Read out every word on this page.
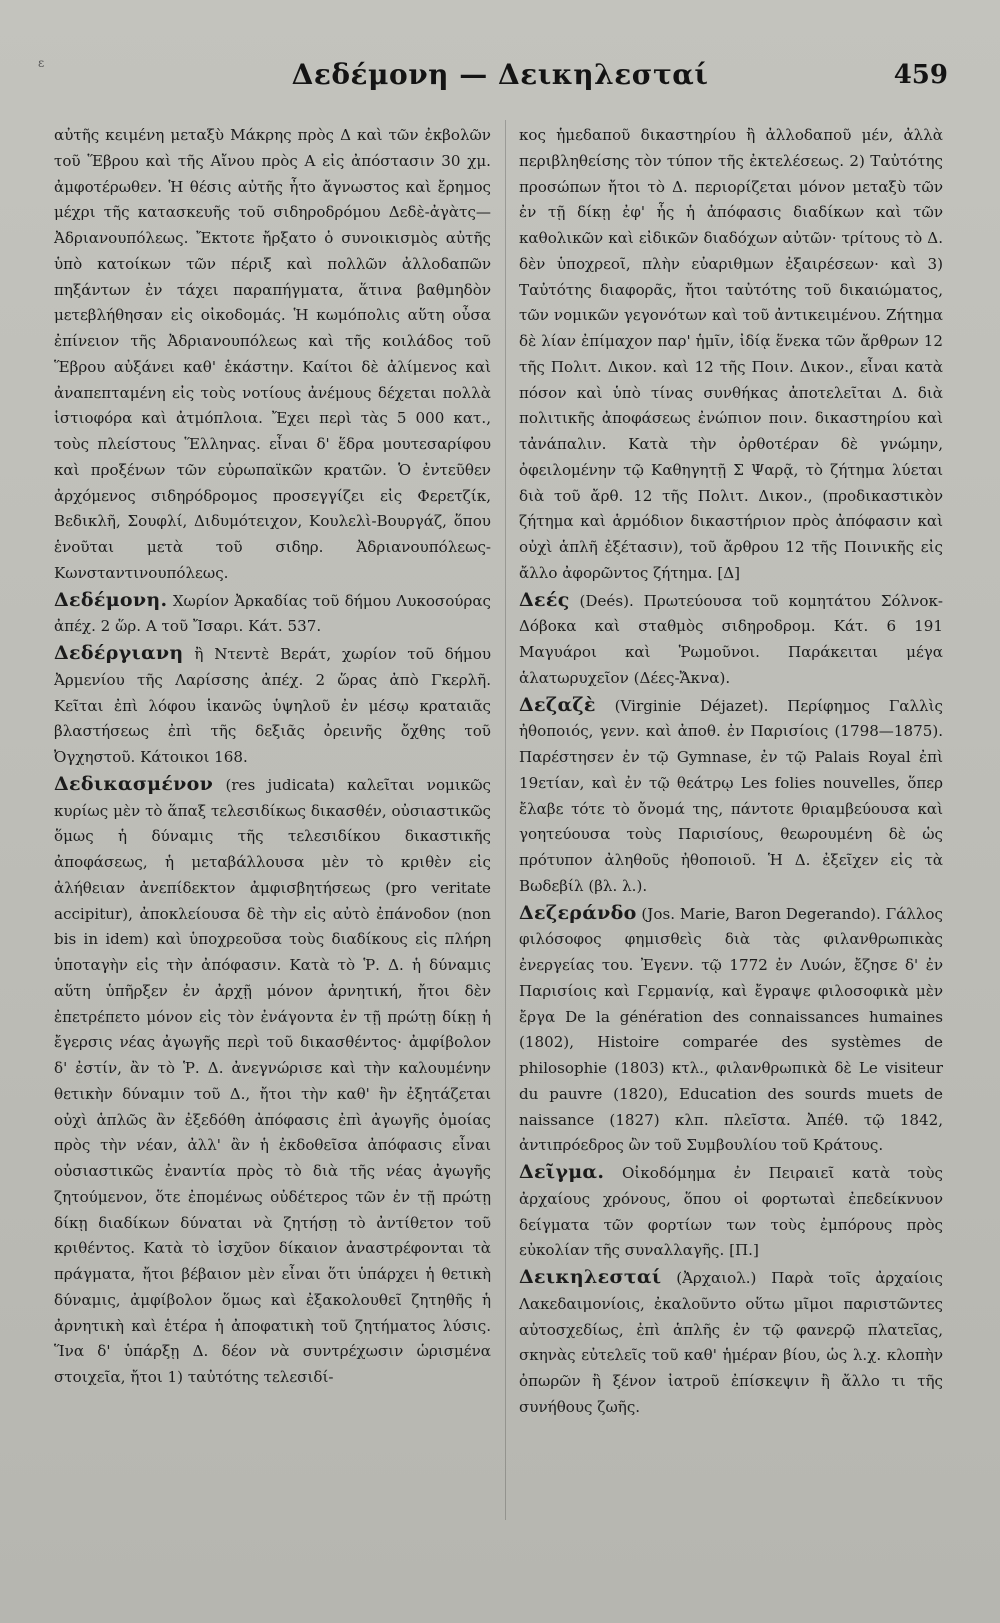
ε	Δεδέμονη — Δεικηλεσταί	459

αὐτῆς κειμένη μεταξὺ Μάκρης πρὸς Δ καὶ τῶν ἐκβολῶν τοῦ Ἕβρου καὶ τῆς Αἴνου πρὸς Α εἰς ἀπόστασιν 30 χμ. ἀμφοτέρωθεν. Ἡ θέσις αὐτῆς ἦτο ἄγνωστος καὶ ἔρημος μέχρι τῆς κατασκευῆς τοῦ σιδηροδρόμου Δεδὲ-ἀγὰτς—Ἀδριανουπόλεως. Ἔκτοτε ἤρξατο ὁ συνοικισμὸς αὐτῆς ὑπὸ κατοίκων τῶν πέριξ καὶ πολλῶν ἀλλοδαπῶν πηξάντων ἐν τάχει παραπήγματα, ἅτινα βαθμηδὸν μετεβλήθησαν εἰς οἰκοδομάς. Ἡ κωμόπολις αὕτη οὖσα ἐπίνειον τῆς Ἀδριανουπόλεως καὶ τῆς κοιλάδος τοῦ Ἕβρου αὐξάνει καθ' ἑκάστην. Καίτοι δὲ ἀλίμενος καὶ ἀναπεπταμένη εἰς τοὺς νοτίους ἀνέμους δέχεται πολλὰ ἱστιοφόρα καὶ ἀτμόπλοια. Ἔχει περὶ τὰς 5 000 κατ., τοὺς πλείστους Ἕλληνας. εἶναι δ' ἕδρα μουτεσαρίφου καὶ προξένων τῶν εὐρωπαϊκῶν κρατῶν. Ὁ ἐντεῦθεν ἀρχόμενος σιδηρόδρομος προσεγγίζει εἰς Φερετζίκ, Βεδικλῆ, Σουφλί, Διδυμότειχον, Κουλελὶ-Βουργάζ, ὅπου ἑνοῦται μετὰ τοῦ σιδηρ. Ἀδριανουπόλεως-Κωνσταντινουπόλεως.

Δεδέμονη. Χωρίον Ἀρκαδίας τοῦ δήμου Λυκοσούρας ἀπέχ. 2 ὥρ. Α τοῦ Ἴσαρι. Κάτ. 537.

Δεδέργιανη ἢ Ντεντὲ Βεράτ, χωρίον τοῦ δήμου Ἀρμενίου τῆς Λαρίσσης ἀπέχ. 2 ὥρας ἀπὸ Γκερλῆ. Κεῖται ἐπὶ λόφου ἱκανῶς ὑψηλοῦ ἐν μέσῳ κραταιᾶς βλαστήσεως ἐπὶ τῆς δεξιᾶς ὀρεινῆς ὄχθης τοῦ Ὀγχηστοῦ. Κάτοικοι 168.

Δεδικασμένον (res judicata) καλεῖται νομικῶς κυρίως μὲν τὸ ἅπαξ τελεσιδίκως δικασθέν, οὐσιαστικῶς ὅμως ἡ δύναμις τῆς τελεσιδίκου δικαστικῆς ἀποφάσεως, ἡ μεταβάλλουσα μὲν τὸ κριθὲν εἰς ἀλήθειαν ἀνεπίδεκτον ἀμφισβητήσεως (pro veritate accipitur), ἀποκλείουσα δὲ τὴν εἰς αὐτὸ ἐπάνοδον (non bis in idem) καὶ ὑποχρεοῦσα τοὺς διαδίκους εἰς πλήρη ὑποταγὴν εἰς τὴν ἀπόφασιν. Κατὰ τὸ Ῥ. Δ. ἡ δύναμις αὕτη ὑπῆρξεν ἐν ἀρχῇ μόνον ἀρνητική, ἤτοι δὲν ἐπετρέπετο μόνον εἰς τὸν ἐνάγοντα ἐν τῇ πρώτῃ δίκῃ ἡ ἔγερσις νέας ἀγωγῆς περὶ τοῦ δικασθέντος· ἀμφίβολον δ' ἐστίν, ἂν τὸ Ῥ. Δ. ἀνεγνώρισε καὶ τὴν καλουμένην θετικὴν δύναμιν τοῦ Δ., ἤτοι τὴν καθ' ἣν ἐξητάζεται οὐχὶ ἁπλῶς ἂν ἐξεδόθη ἀπόφασις ἐπὶ ἀγωγῆς ὁμοίας πρὸς τὴν νέαν, ἀλλ' ἂν ἡ ἐκδοθεῖσα ἀπόφασις εἶναι οὐσιαστικῶς ἐναντία πρὸς τὸ διὰ τῆς νέας ἀγωγῆς ζητούμενον, ὅτε ἐπομένως οὐδέτερος τῶν ἐν τῇ πρώτῃ δίκῃ διαδίκων δύναται νὰ ζητήσῃ τὸ ἀντίθετον τοῦ κριθέντος. Κατὰ τὸ ἰσχῦον δίκαιον ἀναστρέφονται τὰ πράγματα, ἤτοι βέβαιον μὲν εἶναι ὅτι ὑπάρχει ἡ θετικὴ δύναμις, ἀμφίβολον ὅμως καὶ ἐξακολουθεῖ ζητηθῆς ἡ ἀρνητικὴ καὶ ἑτέρα ἡ ἀποφατικὴ τοῦ ζητήματος λύσις. Ἵνα δ' ὑπάρξῃ Δ. δέον νὰ συντρέχωσιν ὡρισμένα στοιχεῖα, ἤτοι 1) ταὐτότης τελεσιδί-

κος ἡμεδαποῦ δικαστηρίου ἢ ἀλλοδαποῦ μέν, ἀλλὰ περιβληθείσης τὸν τύπον τῆς ἐκτελέσεως. 2) Ταὐτότης προσώπων ἤτοι τὸ Δ. περιορίζεται μόνον μεταξὺ τῶν ἐν τῇ δίκῃ ἐφ' ἧς ἡ ἀπόφασις διαδίκων καὶ τῶν καθολικῶν καὶ εἰδικῶν διαδόχων αὐτῶν· τρίτους τὸ Δ. δὲν ὑποχρεοῖ, πλὴν εὐαριθμων ἐξαιρέσεων· καὶ 3) Ταὐτότης διαφορᾶς, ἤτοι ταὐτότης τοῦ δικαιώματος, τῶν νομικῶν γεγονότων καὶ τοῦ ἀντικειμένου. Ζήτημα δὲ λίαν ἐπίμαχον παρ' ἡμῖν, ἰδίᾳ ἕνεκα τῶν ἄρθρων 12 τῆς Πολιτ. Δικον. καὶ 12 τῆς Ποιν. Δικον., εἶναι κατὰ πόσον καὶ ὑπὸ τίνας συνθήκας ἀποτελεῖται Δ. διὰ πολιτικῆς ἀποφάσεως ἐνώπιον ποιν. δικαστηρίου καὶ τἀνάπαλιν. Κατὰ τὴν ὀρθοτέραν δὲ γνώμην, ὀφειλομένην τῷ Καθηγητῇ Σ Ψαρᾷ, τὸ ζήτημα λύεται διὰ τοῦ ἄρθ. 12 τῆς Πολιτ. Δικον., (προδικαστικὸν ζήτημα καὶ ἁρμόδιον δικαστήριον πρὸς ἀπόφασιν καὶ οὐχὶ ἁπλῆ ἐξέτασιν), τοῦ ἄρθρου 12 τῆς Ποινικῆς εἰς ἄλλο ἀφορῶντος ζήτημα. [Δ]

Δεές (Deés). Πρωτεύουσα τοῦ κομητάτου Σόλνοκ-Δόβοκα καὶ σταθμὸς σιδηροδρομ. Κάτ. 6 191 Μαγυάροι καὶ Ῥωμοῦνοι. Παράκειται μέγα ἁλατωρυχεῖον (Δέες-Ἄκνα).

Δεζαζὲ (Virginie Déjazet). Περίφημος Γαλλὶς ἠθοποιός, γενν. καὶ ἀποθ. ἐν Παρισίοις (1798—1875). Παρέστησεν ἐν τῷ Gymnase, ἐν τῷ Palais Royal ἐπὶ 19ετίαν, καὶ ἐν τῷ θεάτρῳ Les folies nouvelles, ὅπερ ἔλαβε τότε τὸ ὄνομά της, πάντοτε θριαμβεύουσα καὶ γοητεύουσα τοὺς Παρισίους, θεωρουμένη δὲ ὡς πρότυπον ἀληθοῦς ἠθοποιοῦ. Ἡ Δ. ἐξεῖχεν εἰς τὰ Βωδεβίλ (βλ. λ.).

Δεζεράνδο (Jos. Marie, Baron Degerando). Γάλλος φιλόσοφος φημισθεὶς διὰ τὰς φιλανθρωπικὰς ἐνεργείας του. Ἐγενν. τῷ 1772 ἐν Λυών, ἔζησε δ' ἐν Παρισίοις καὶ Γερμανίᾳ, καὶ ἔγραψε φιλοσοφικὰ μὲν ἔργα De la génération des connaissances humaines (1802), Histoire comparée des systèmes de philosophie (1803) κτλ., φιλανθρωπικὰ δὲ Le visiteur du pauvre (1820), Education des sourds muets de naissance (1827) κλπ. πλεῖστα. Ἀπέθ. τῷ 1842, ἀντιπρόεδρος ὢν τοῦ Συμβουλίου τοῦ Κράτους.

Δεῖγμα. Οἰκοδόμημα ἐν Πειραιεῖ κατὰ τοὺς ἀρχαίους χρόνους, ὅπου οἱ φορτωταὶ ἐπεδείκνυον δείγματα τῶν φορτίων των τοὺς ἐμπόρους πρὸς εὐκολίαν τῆς συναλλαγῆς. [Π.]

Δεικηλεσταί (Ἀρχαιολ.) Παρὰ τοῖς ἀρχαίοις Λακεδαιμονίοις, ἐκαλοῦντο οὕτω μῖμοι παριστῶντες αὐτοσχεδίως, ἐπὶ ἁπλῆς ἐν τῷ φανερῷ πλατεῖας, σκηνὰς εὐτελεῖς τοῦ καθ' ἡμέραν βίου, ὡς λ.χ. κλοπὴν ὀπωρῶν ἢ ξένον ἰατροῦ ἐπίσκεψιν ἢ ἄλλο τι τῆς συνήθους ζωῆς.
